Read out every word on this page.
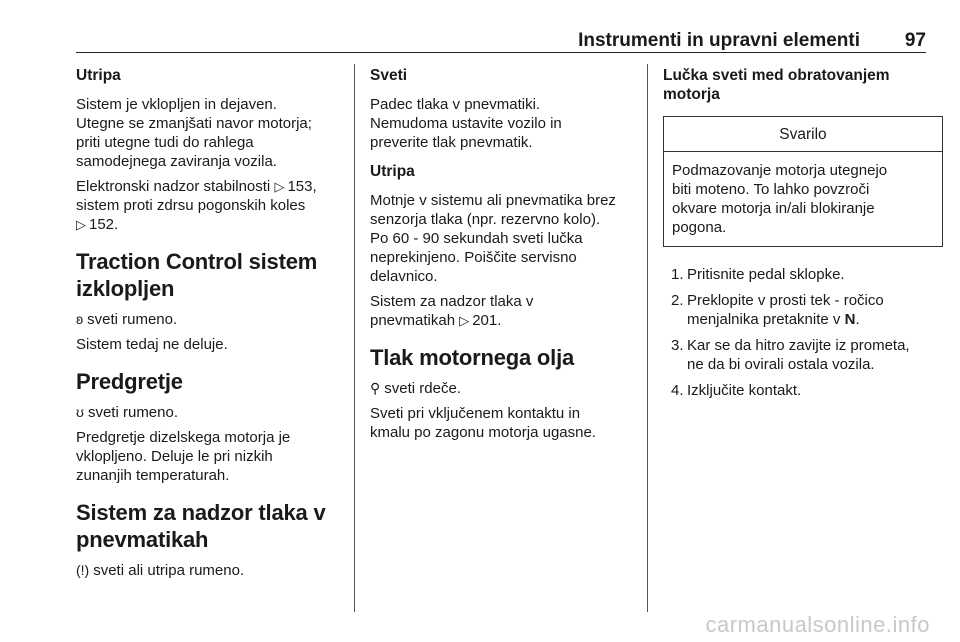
Instrumenti in upravni elementi 97
Utripa

Sistem je vklopljen in dejaven.
Utegne se zmanjšati navor motorja;
priti utegne tudi do rahlega
samodejnega zaviranja vozila.

Elektronski nadzor stabilnosti ▷ 153,
sistem proti zdrsu pogonskih koles
▷ 152.

Traction Control sistem
izklopljen

ʚ sveti rumeno.

Sistem tedaj ne deluje.

Predgretje

ʊ sveti rumeno.

Predgretje dizelskega motorja je
vklopljeno. Deluje le pri nizkih
zunanjih temperaturah.

Sistem za nadzor tlaka v
pnevmatikah

(!) sveti ali utripa rumeno.

Sveti

Padec tlaka v pnevmatiki.
Nemudoma ustavite vozilo in
preverite tlak pnevmatik.

Utripa

Motnje v sistemu ali pnevmatika brez
senzorja tlaka (npr. rezervno kolo).
Po 60 - 90 sekundah sveti lučka
neprekinjeno. Poiščite servisno
delavnico.

Sistem za nadzor tlaka v
pnevmatikah ▷ 201.

Tlak motornega olja

⚲ sveti rdeče.

Sveti pri vključenem kontaktu in
kmalu po zagonu motorja ugasne.

Lučka sveti med obratovanjem
motorja
Svarilo
Podmazovanje motorja utegnejo
biti moteno. To lahko povzroči
okvare motorja in/ali blokiranje
pogona.
1. Pritisnite pedal sklopke.
2. Preklopite v prosti tek - ročico
menjalnika pretaknite v N.
3. Kar se da hitro zavijte iz prometa,
ne da bi ovirali ostala vozila.
4. Izključite kontakt.
carmanualsonline.info
